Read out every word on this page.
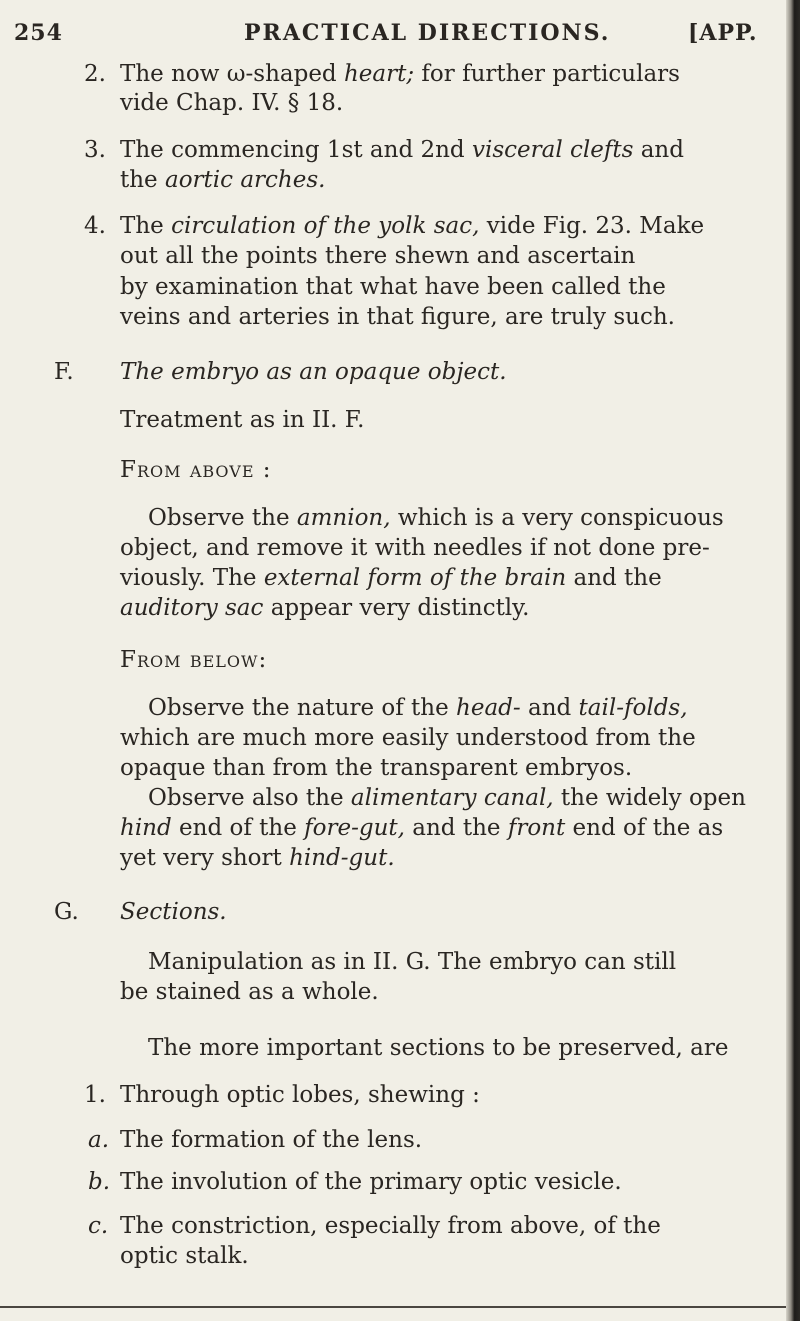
254	PRACTICAL DIRECTIONS.	[APP.
2. The now ω-shaped heart; for further particulars
vide Chap. IV. § 18.
3. The commencing 1st and 2nd visceral clefts and
the aortic arches.
4. The circulation of the yolk sac, vide Fig. 23. Make
out all the points there shewn and ascertain
by examination that what have been called the
veins and arteries in that figure, are truly such.
F. The embryo as an opaque object.
Treatment as in II. F.
From above :
Observe the amnion, which is a very conspicuous
object, and remove it with needles if not done pre-
viously. The external form of the brain and the
auditory sac appear very distinctly.
From below:
Observe the nature of the head- and tail-folds,
which are much more easily understood from the
opaque than from the transparent embryos.
Observe also the alimentary canal, the widely open
hind end of the fore-gut, and the front end of the as
yet very short hind-gut.
G. Sections.
Manipulation as in II. G. The embryo can still
be stained as a whole.
The more important sections to be preserved, are
1. Through optic lobes, shewing :
a. The formation of the lens.
b. The involution of the primary optic vesicle.
c. The constriction, especially from above, of the
optic stalk.
